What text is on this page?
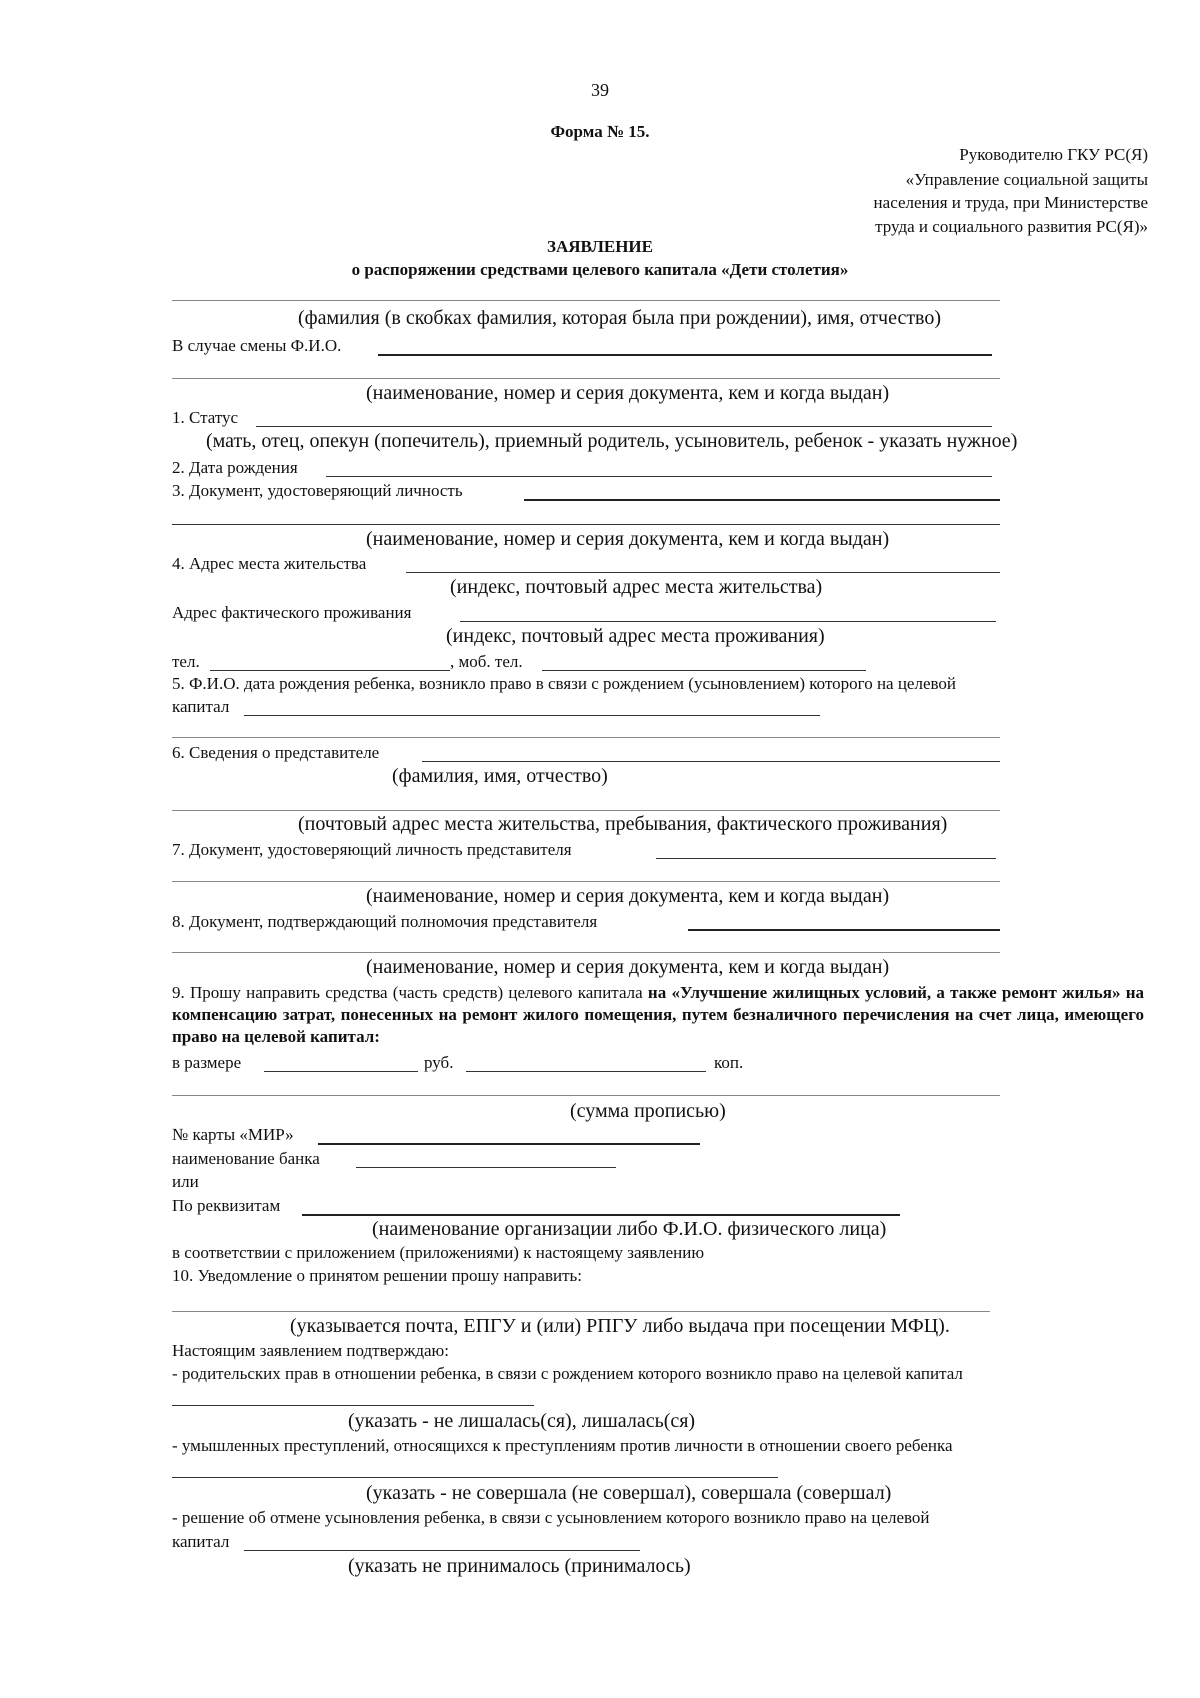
39
Форма № 15.
Руководителю ГКУ РС(Я)
«Управление социальной защиты
населения и труда, при Министерстве
труда и социального развития РС(Я)»
ЗАЯВЛЕНИЕ
о распоряжении средствами целевого капитала «Дети столетия»
(фамилия (в скобках фамилия, которая была при рождении), имя, отчество)
В случае смены Ф.И.О.
(наименование, номер и серия документа, кем и когда выдан)
1. Статус
(мать, отец, опекун (попечитель), приемный родитель, усыновитель, ребенок - указать нужное)
2. Дата рождения
3. Документ, удостоверяющий личность
(наименование, номер и серия документа, кем и когда выдан)
4. Адрес места жительства
(индекс, почтовый адрес места жительства)
Адрес фактического проживания
(индекс, почтовый адрес места проживания)
тел.	, моб. тел.
5. Ф.И.О. дата рождения ребенка, возникло право в связи с рождением (усыновлением) которого на целевой
капитал
6. Сведения о представителе
(фамилия, имя, отчество)
(почтовый адрес места жительства, пребывания, фактического проживания)
7. Документ, удостоверяющий личность представителя
(наименование, номер и серия документа, кем и когда выдан)
8. Документ, подтверждающий полномочия представителя
(наименование, номер и серия документа, кем и когда выдан)
9. Прошу направить средства (часть средств) целевого капитала на «Улучшение жилищных условий, а также ремонт жилья» на компенсацию затрат, понесенных на ремонт жилого помещения, путем безналичного перечисления на счет лица, имеющего право на целевой капитал:
в размере	руб.	коп.
(сумма прописью)
№ карты «МИР»
наименование банка
или
По реквизитам
(наименование организации либо Ф.И.О. физического лица)
в соответствии с приложением (приложениями) к настоящему заявлению
10. Уведомление о принятом решении прошу направить:
(указывается почта, ЕПГУ и (или) РПГУ либо выдача при посещении МФЦ).
Настоящим заявлением подтверждаю:
- родительских прав в отношении ребенка, в связи с рождением которого возникло право на целевой капитал
(указать - не лишалась(ся), лишалась(ся)
- умышленных преступлений, относящихся к преступлениям против личности в отношении своего ребенка
(указать - не совершала (не совершал), совершала (совершал)
- решение об отмене усыновления ребенка, в связи с усыновлением которого возникло право на целевой
капитал
(указать не принималось (принималось)
